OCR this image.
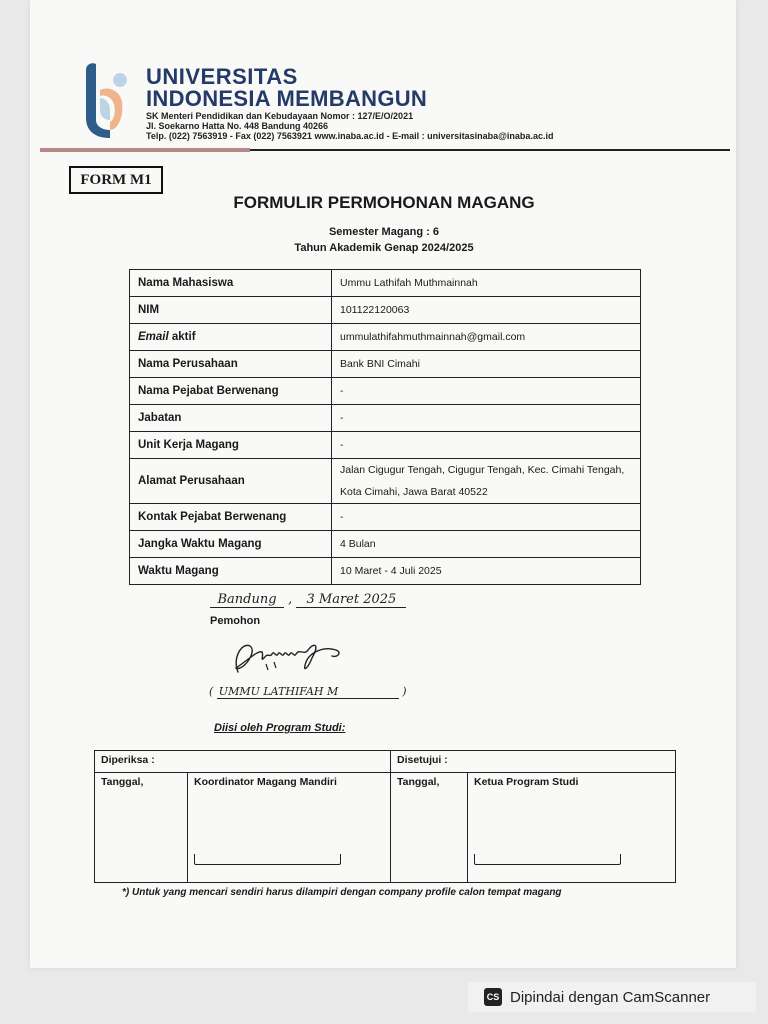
UNIVERSITAS
INDONESIA MEMBANGUN
SK Menteri Pendidikan dan Kebudayaan Nomor : 127/E/O/2021
Jl. Soekarno Hatta No. 448 Bandung 40266
Telp. (022) 7563919 - Fax (022) 7563921 www.inaba.ac.id - E-mail : universitasinaba@inaba.ac.id
FORM M1
FORMULIR PERMOHONAN MAGANG
Semester Magang : 6
Tahun Akademik Genap 2024/2025
Nama Mahasiswa	Ummu Lathifah Muthmainnah
NIM	101122120063
Email aktif	ummulathifahmuthmainnah@gmail.com
Nama Perusahaan	Bank BNI Cimahi
Nama Pejabat Berwenang	-
Jabatan	-
Unit Kerja Magang	-
Alamat Perusahaan	Jalan Cigugur Tengah, Cigugur Tengah, Kec. Cimahi Tengah,
Kota Cimahi, Jawa Barat 40522
Kontak Pejabat Berwenang	-
Jangka Waktu Magang	4 Bulan
Waktu Magang	10 Maret - 4 Juli 2025
Bandung , 3 Maret 2025
Pemohon
( UMMU LATHIFAH M	)
Diisi oleh Program Studi:
Diperiksa :		Disetujui :	
Tanggal,	Koordinator Magang Mandiri	Tanggal,	Ketua Program Studi
*) Untuk yang mencari sendiri harus dilampiri dengan company profile calon tempat magang
CS Dipindai dengan CamScanner
